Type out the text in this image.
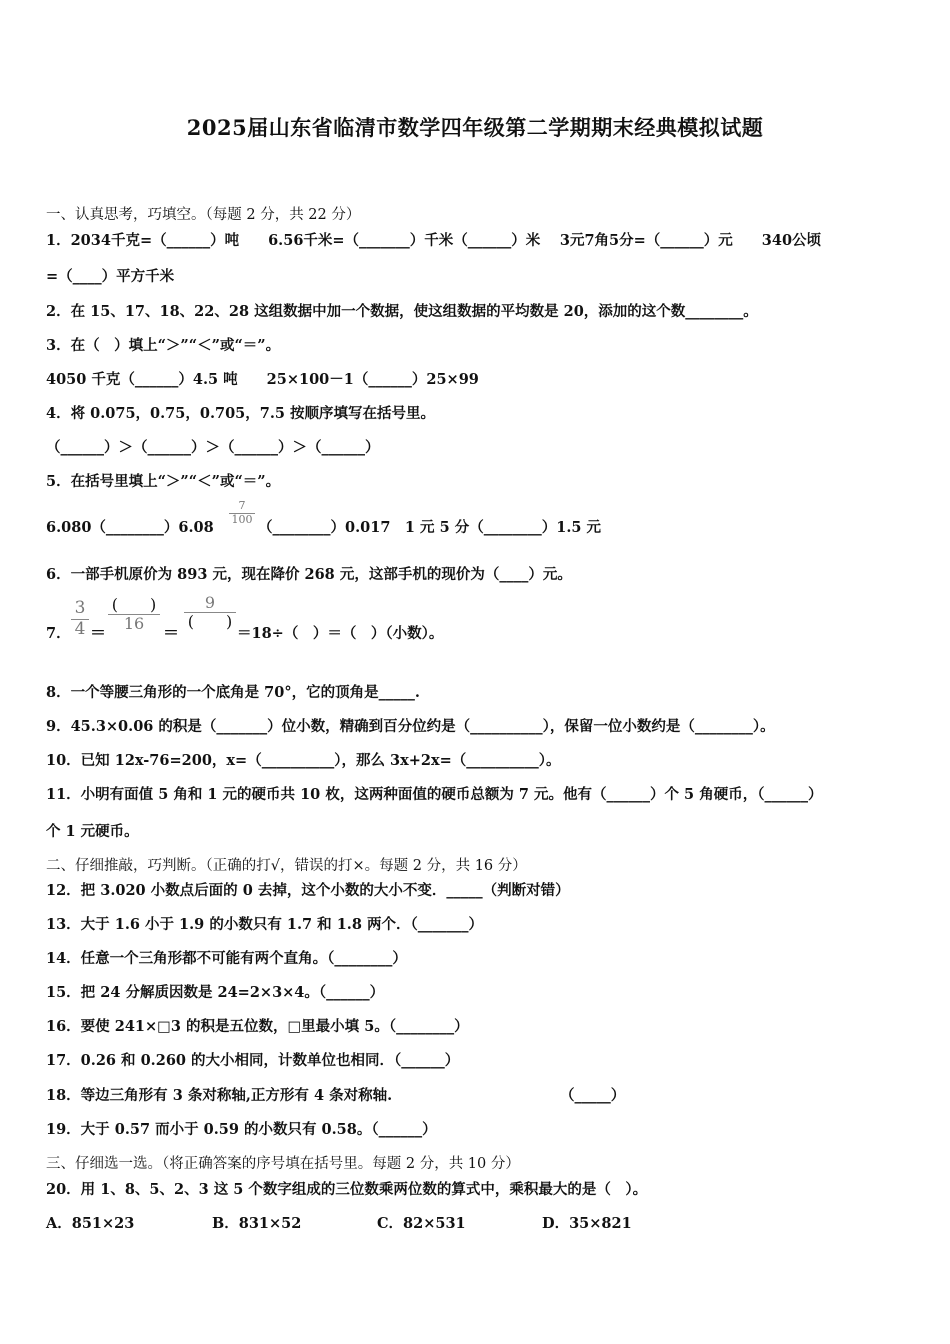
2025届山东省临清市数学四年级第二学期期末经典模拟试题
一、认真思考，巧填空。（每题 2 分，共 22 分）
1．2034千克=（______）吨　　6.56千米=（_______）千米（______）米　 3元7角5分=（______）元　　340公顷
=（____）平方千米
2．在 15、17、18、22、28 这组数据中加一个数据，使这组数据的平均数是 20，添加的这个数________。
3．在（　）填上“＞”“＜”或“＝”。
4050 千克（______）4.5 吨　　25×100－1（______）25×99
4．将 0.075，0.75，0.705，7.5 按顺序填写在括号里。
（______）＞（______）＞（______）＞（______）
5．在括号里填上“＞”“＜”或“＝”。
6.080（________）6.08
7
100 （________）0.017　1 元 5 分（________）1.5 元
6．一部手机原价为 893 元，现在降价 268 元，这部手机的现价为（____）元。
7．
3
4 ＝
(　　)
16	＝
9
(　　)
＝18÷（　）＝（　）（小数）。
8．一个等腰三角形的一个底角是 70°，它的顶角是_____.
9．45.3×0.06 的积是（_______）位小数，精确到百分位约是（__________），保留一位小数约是（________）。
10．已知 12x-76=200，x=（__________），那么 3x+2x=（__________）。
11．小明有面值 5 角和 1 元的硬币共 10 枚，这两种面值的硬币总额为 7 元。他有（______）个 5 角硬币，（______）
个 1 元硬币。
二、仔细推敲，巧判断。（正确的打√，错误的打×。每题 2 分，共 16 分）
12．把 3.020 小数点后面的 0 去掉，这个小数的大小不变．_____（判断对错）
13．大于 1.6 小于 1.9 的小数只有 1.7 和 1.8 两个．（_______）
14．任意一个三角形都不可能有两个直角。（________）
15．把 24 分解质因数是 24=2×3×4。（______）
16．要使 241×□3 的积是五位数，□里最小填 5。（________）
17．0.26 和 0.260 的大小相同，计数单位也相同．（______）
18．等边三角形有 3 条对称轴,正方形有 4 条对称轴.	（_____）
19．大于 0.57 而小于 0.59 的小数只有 0.58。（______）
三、仔细选一选。（将正确答案的序号填在括号里。每题 2 分，共 10 分）
20．用 1、8、5、2、3 这 5 个数字组成的三位数乘两位数的算式中，乘积最大的是（　）。
A．851×23	B．831×52	C．82×531	D．35×821
